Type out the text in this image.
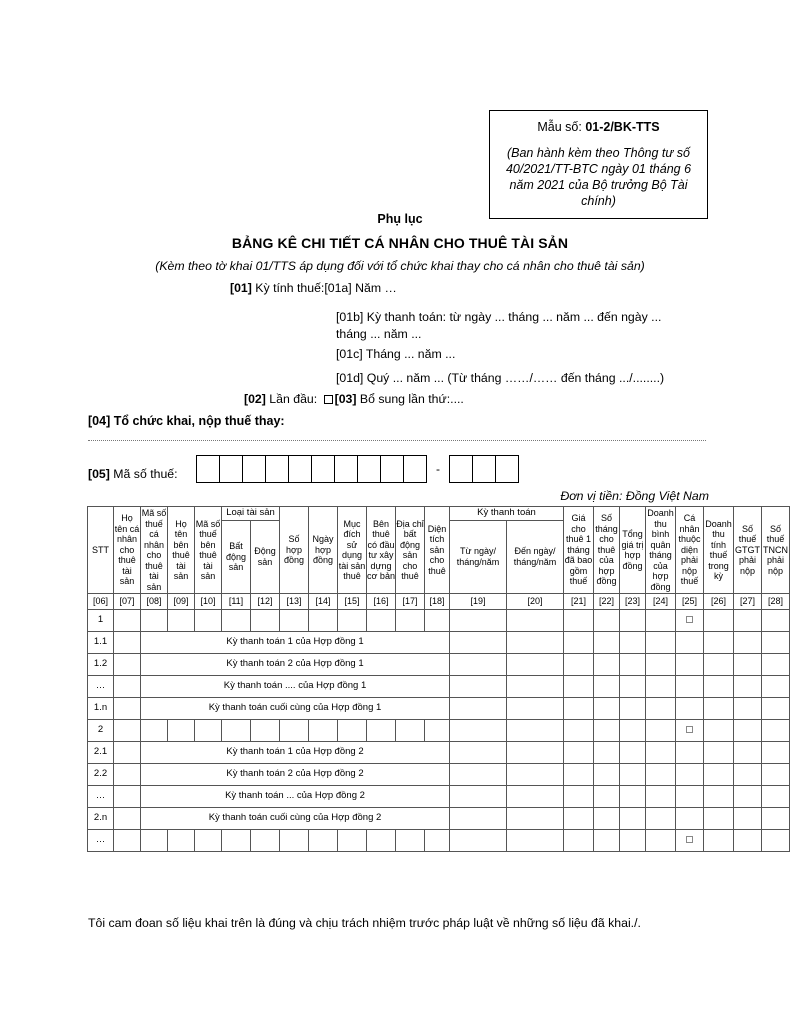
Mẫu số: 01-2/BK-TTS
(Ban hành kèm theo Thông tư số 40/2021/TT-BTC ngày 01 tháng 6 năm 2021 của Bộ trưởng Bộ Tài chính)
Phụ lục
BẢNG KÊ CHI TIẾT CÁ NHÂN CHO THUÊ TÀI SẢN
(Kèm theo tờ khai 01/TTS áp dụng đối với tổ chức khai thay cho cá nhân cho thuê tài sản)
[01] Kỳ tính thuế:[01a] Năm …
[01b] Kỳ thanh toán: từ ngày ... tháng ... năm ... đến ngày ... tháng ... năm ...
[01c] Tháng ... năm ...
[01d] Quý ... năm ... (Từ tháng ……/…… đến tháng .../........)
[02] Lần đầu: [03] Bổ sung lần thứ:....
[04] Tổ chức khai, nộp thuế thay:
[05] Mã số thuế:	-
Đơn vị tiền: Đồng Việt Nam
STT	Họ tên cá nhân cho thuê tài sản	Mã số thuế cá nhân cho thuê tài sản	Họ tên bên thuê tài sản	Mã số thuế bên thuê tài sản	Loại tài sản		Số hợp đồng	Ngày hợp đồng	Mục đích sử dụng tài sản thuê	Bên thuê có đầu tư xây dựng cơ bản	Địa chỉ bất động sản cho thuê	Diện tích sản cho thuê	Kỳ thanh toán		Giá cho thuê 1 tháng đã bao gồm thuế	Số tháng cho thuê của hợp đồng	Tổng giá trị hợp đồng	Doanh thu bình quân tháng của hợp đồng	Cá nhân thuộc diện phải nộp thuế	Doanh thu tính thuế trong kỳ	Số thuế GTGT phải nộp	Số thuế TNCN phải nộp
					Bất động sản	Động sản							Từ ngày/ tháng/năm	Đến ngày/ tháng/năm								

[06]	[07]	[08]	[09]	[10]	[11]	[12]	[13]	[14]	[15]	[16]	[17]	[18]	[19]	[20]	[21]	[22]	[23]	[24]	[25]	[26]	[27]	[28]
1																						
1.1		Kỳ thanh toán 1 của Hợp đồng 1																				
1.2		Kỳ thanh toán 2 của Hợp đồng 1																				
…		Kỳ thanh toán .... của Hợp đồng 1																				
1.n		Kỳ thanh toán cuối cùng của Hợp đồng 1																				
2																						
2.1		Kỳ thanh toán 1 của Hợp đồng 2																				
2.2		Kỳ thanh toán 2 của Hợp đồng 2																				
…		Kỳ thanh toán ... của Hợp đồng 2																				
2.n		Kỳ thanh toán cuối cùng của Hợp đồng 2																				
…																						
Tôi cam đoan số liệu khai trên là đúng và chịu trách nhiệm trước pháp luật về những số liệu đã khai./.
